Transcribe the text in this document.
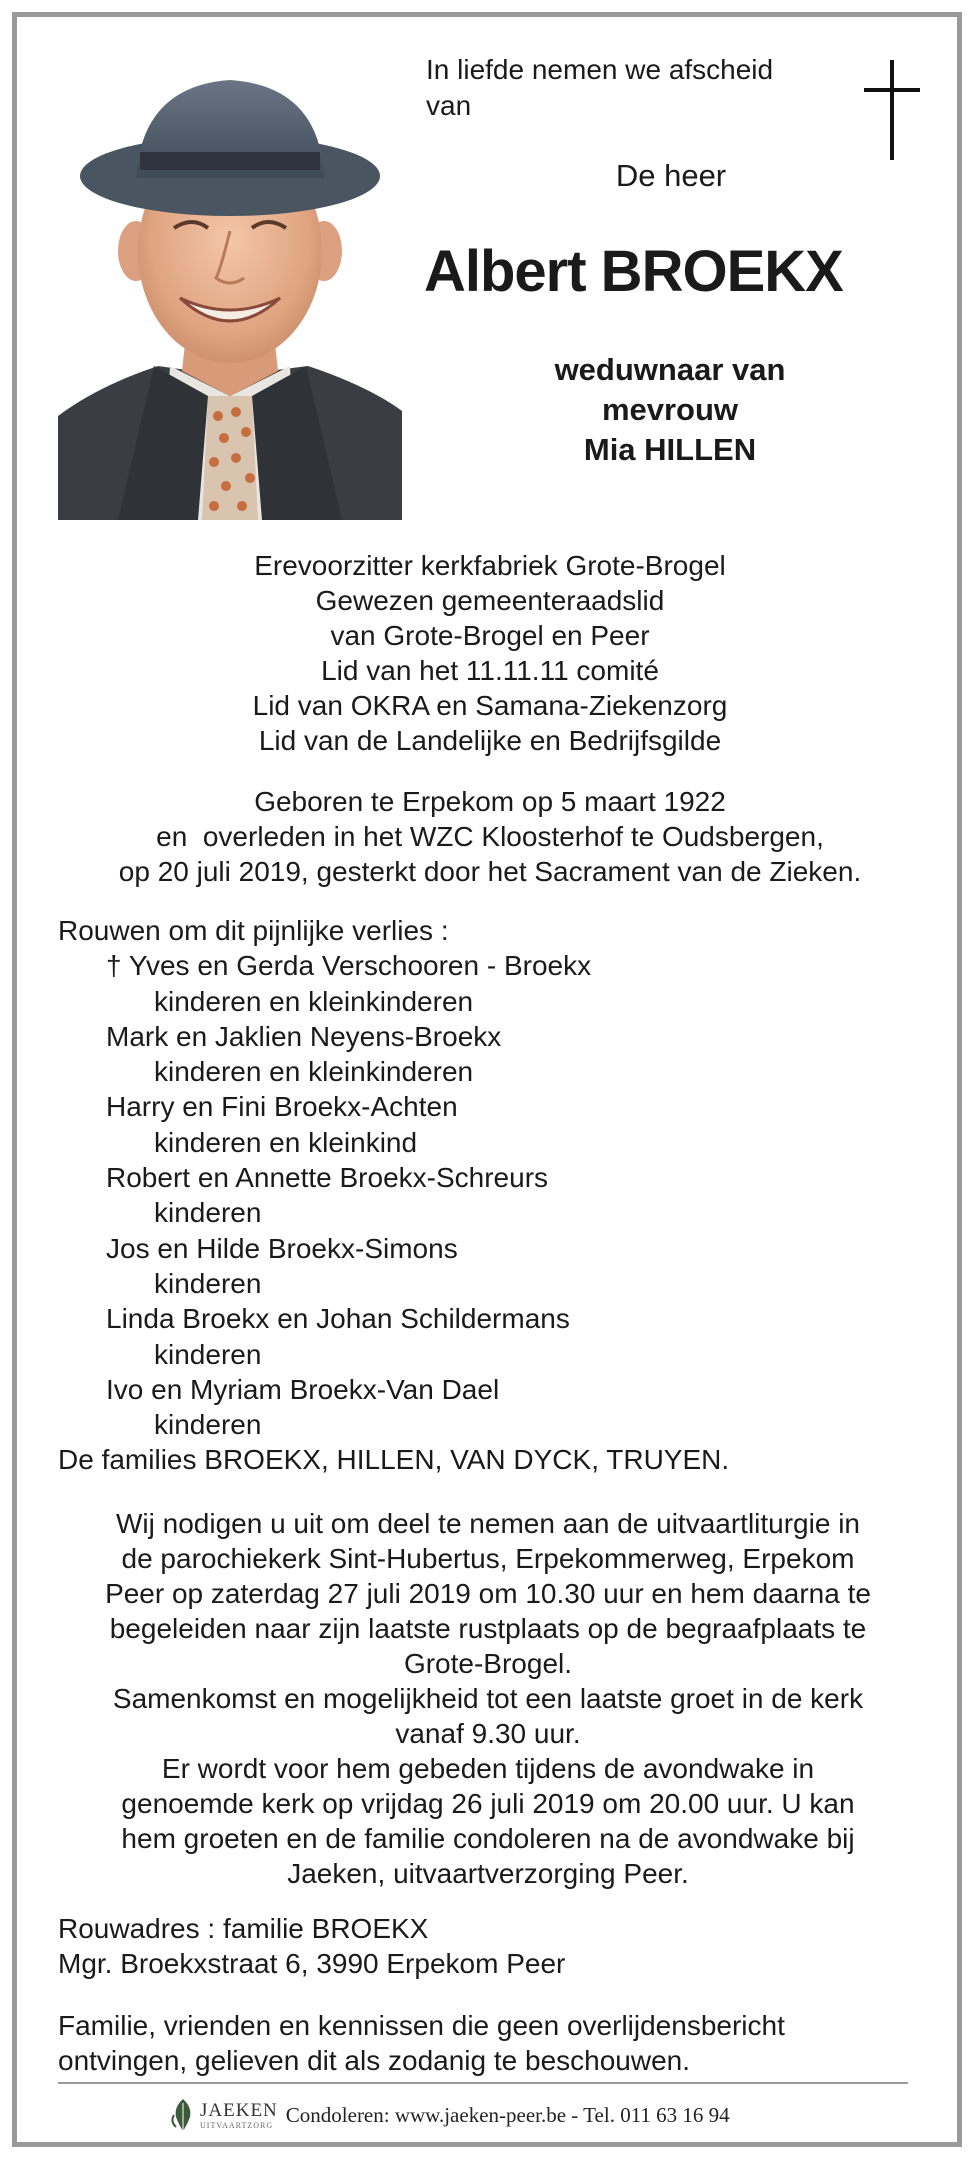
In liefde nemen we afscheid van

De heer

Albert BROEKX
weduwnaar van
mevrouw
Mia HILLEN
Erevoorzitter kerkfabriek Grote-Brogel
Gewezen gemeenteraadslid
van Grote-Brogel en Peer
Lid van het 11.11.11 comité
Lid van OKRA en Samana-Ziekenzorg
Lid van de Landelijke en Bedrijfsgilde
Geboren te Erpekom op 5 maart 1922
en  overleden in het WZC Kloosterhof te Oudsbergen,
op 20 juli 2019, gesterkt door het Sacrament van de Zieken.
Rouwen om dit pijnlijke verlies :
† Yves en Gerda Verschooren - Broekx
kinderen en kleinkinderen
Mark en Jaklien Neyens-Broekx
kinderen en kleinkinderen
Harry en Fini Broekx-Achten
kinderen en kleinkind
Robert en Annette Broekx-Schreurs
kinderen
Jos en Hilde Broekx-Simons
kinderen
Linda Broekx en Johan Schildermans
kinderen
Ivo en Myriam Broekx-Van Dael
kinderen
De families BROEKX, HILLEN, VAN DYCK, TRUYEN.
Wij nodigen u uit om deel te nemen aan de uitvaartliturgie in
de parochiekerk Sint-Hubertus, Erpekommerweg, Erpekom
Peer op zaterdag 27 juli 2019 om 10.30 uur en hem daarna te
begeleiden naar zijn laatste rustplaats op de begraafplaats te
Grote-Brogel.
Samenkomst en mogelijkheid tot een laatste groet in de kerk
vanaf 9.30 uur.
Er wordt voor hem gebeden tijdens de avondwake in
genoemde kerk op vrijdag 26 juli 2019 om 20.00 uur. U kan
hem groeten en de familie condoleren na de avondwake bij
Jaeken, uitvaartverzorging Peer.
Rouwadres : familie BROEKX
Mgr. Broekxstraat 6, 3990 Erpekom Peer
Familie, vrienden en kennissen die geen overlijdensbericht
ontvingen, gelieven dit als zodanig te beschouwen.
JAEKEN
UITVAARTZORG Condoleren: www.jaeken-peer.be - Tel. 011 63 16 94
